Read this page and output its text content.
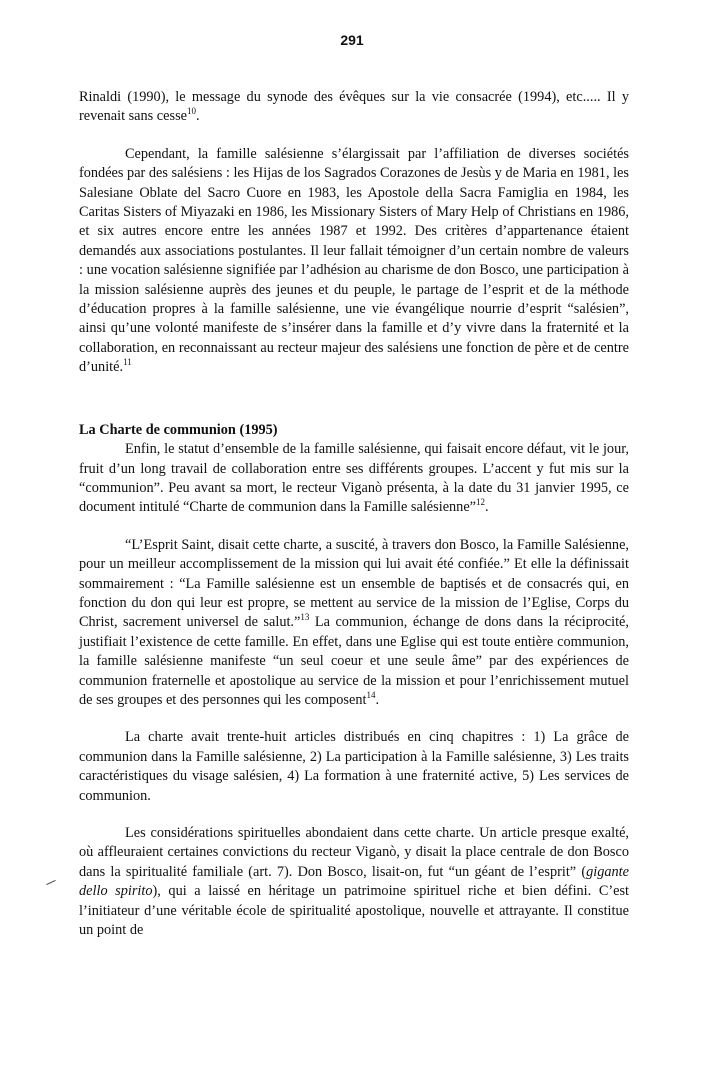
291

Rinaldi (1990), le message du synode des évêques sur la vie consacrée (1994), etc..... Il y revenait sans cesse$^{10}$.

Cependant, la famille salésienne s’élargissait par l’affiliation de diverses sociétés fondées par des salésiens : les Hijas de los Sagrados Corazones de Jesùs y de Maria en 1981, les Salesiane Oblate del Sacro Cuore en 1983, les Apostole della Sacra Famiglia en 1984, les Caritas Sisters of Miyazaki en 1986, les Missionary Sisters of Mary Help of Christians en 1986, et six autres encore entre les années 1987 et 1992. Des critères d’appartenance étaient demandés aux associations postulantes. Il leur fallait témoigner d’un certain nombre de valeurs : une vocation salésienne signifiée par l’adhésion au charisme de don Bosco, une participation à la mission salésienne auprès des jeunes et du peuple, le partage de l’esprit et de la méthode d’éducation propres à la famille salésienne, une vie évangélique nourrie d’esprit “salésien”, ainsi qu’une volonté manifeste de s’insérer dans la famille et d’y vivre dans la fraternité et la collaboration, en reconnaissant au recteur majeur des salésiens une fonction de père et de centre d’unité.$^{11}$

La Charte de communion (1995)

Enfin, le statut d’ensemble de la famille salésienne, qui faisait encore défaut, vit le jour, fruit d’un long travail de collaboration entre ses différents groupes. L’accent y fut mis sur la “communion”. Peu avant sa mort, le recteur Viganò présenta, à la date du 31 janvier 1995, ce document intitulé “Charte de communion dans la Famille salésienne”$^{12}$.

“L’Esprit Saint, disait cette charte, a suscité, à travers don Bosco, la Famille Salésienne, pour un meilleur accomplissement de la mission qui lui avait été confiée.” Et elle la définissait sommairement : “La Famille salésienne est un ensemble de baptisés et de consacrés qui, en fonction du don qui leur est propre, se mettent au service de la mission de l’Eglise, Corps du Christ, sacrement universel de salut.”$^{13}$ La communion, échange de dons dans la réciprocité, justifiait l’existence de cette famille. En effet, dans une Eglise qui est toute entière communion, la famille salésienne manifeste “un seul coeur et une seule âme” par des expériences de communion fraternelle et apostolique au service de la mission et pour l’enrichissement mutuel de ses groupes et des personnes qui les composent$^{14}$.

La charte avait trente-huit articles distribués en cinq chapitres : 1) La grâce de communion dans la Famille salésienne, 2) La participation à la Famille salésienne, 3) Les traits caractéristiques du visage salésien, 4) La formation à une fraternité active, 5) Les services de communion.

Les considérations spirituelles abondaient dans cette charte. Un article presque exalté, où affleuraient certaines convictions du recteur Viganò, y disait la place centrale de don Bosco dans la spiritualité familiale (art. 7). Don Bosco, lisait-on, fut “un géant de l’esprit” (gigante dello spirito), qui a laissé en héritage un patrimoine spirituel riche et bien défini. C’est l’initiateur d’une véritable école de spiritualité apostolique, nouvelle et attrayante. Il constitue un point de
